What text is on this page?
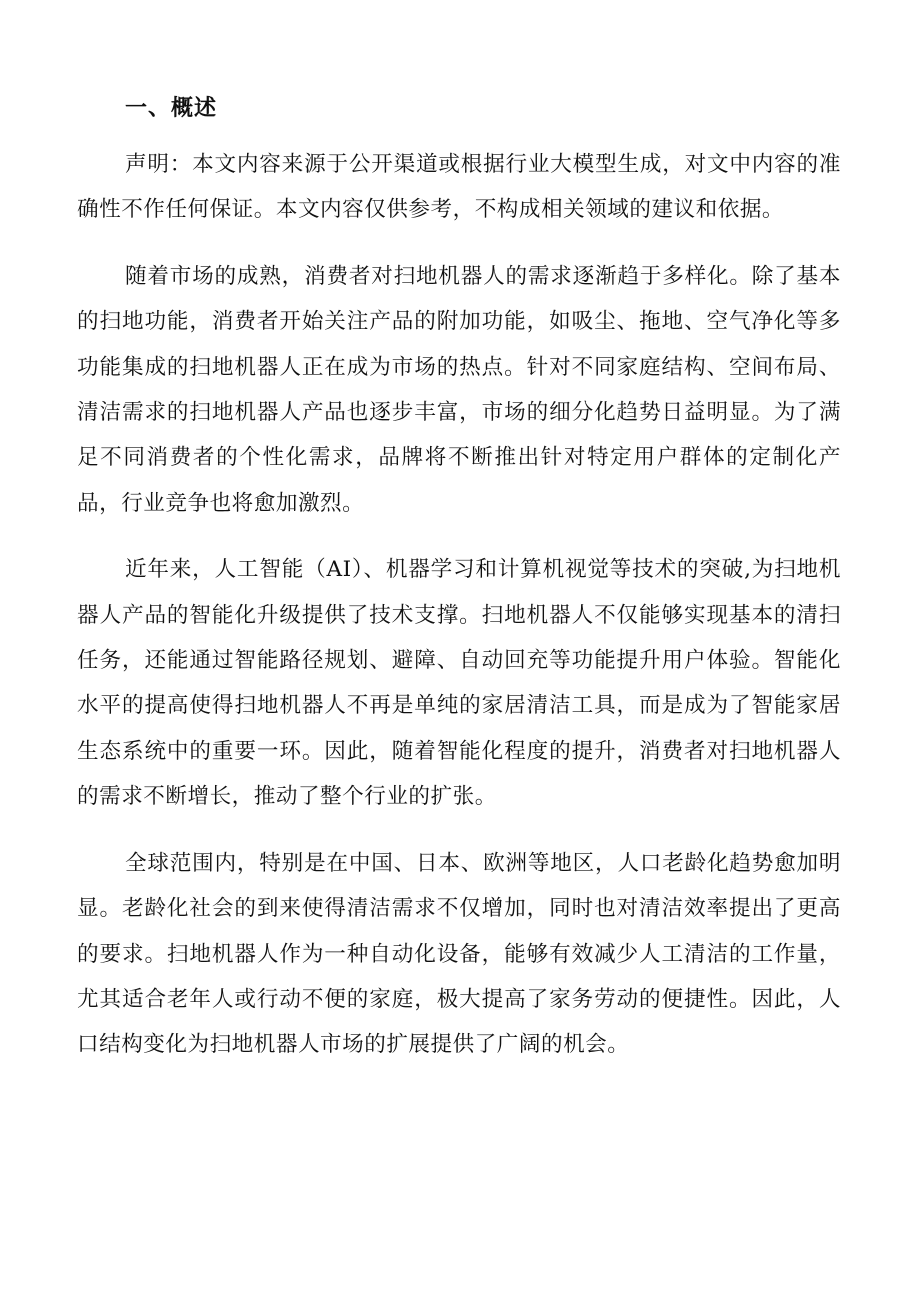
一、概述

声明：本文内容来源于公开渠道或根据行业大模型生成，对文中内容的准确性不作任何保证。本文内容仅供参考，不构成相关领域的建议和依据。

随着市场的成熟，消费者对扫地机器人的需求逐渐趋于多样化。除了基本的扫地功能，消费者开始关注产品的附加功能，如吸尘、拖地、空气净化等多功能集成的扫地机器人正在成为市场的热点。针对不同家庭结构、空间布局、清洁需求的扫地机器人产品也逐步丰富，市场的细分化趋势日益明显。为了满足不同消费者的个性化需求，品牌将不断推出针对特定用户群体的定制化产品，行业竞争也将愈加激烈。

近年来，人工智能（AI）、机器学习和计算机视觉等技术的突破,为扫地机器人产品的智能化升级提供了技术支撑。扫地机器人不仅能够实现基本的清扫任务，还能通过智能路径规划、避障、自动回充等功能提升用户体验。智能化水平的提高使得扫地机器人不再是单纯的家居清洁工具，而是成为了智能家居生态系统中的重要一环。因此，随着智能化程度的提升，消费者对扫地机器人的需求不断增长，推动了整个行业的扩张。

全球范围内，特别是在中国、日本、欧洲等地区，人口老龄化趋势愈加明显。老龄化社会的到来使得清洁需求不仅增加，同时也对清洁效率提出了更高的要求。扫地机器人作为一种自动化设备，能够有效减少人工清洁的工作量，尤其适合老年人或行动不便的家庭，极大提高了家务劳动的便捷性。因此，人口结构变化为扫地机器人市场的扩展提供了广阔的机会。
